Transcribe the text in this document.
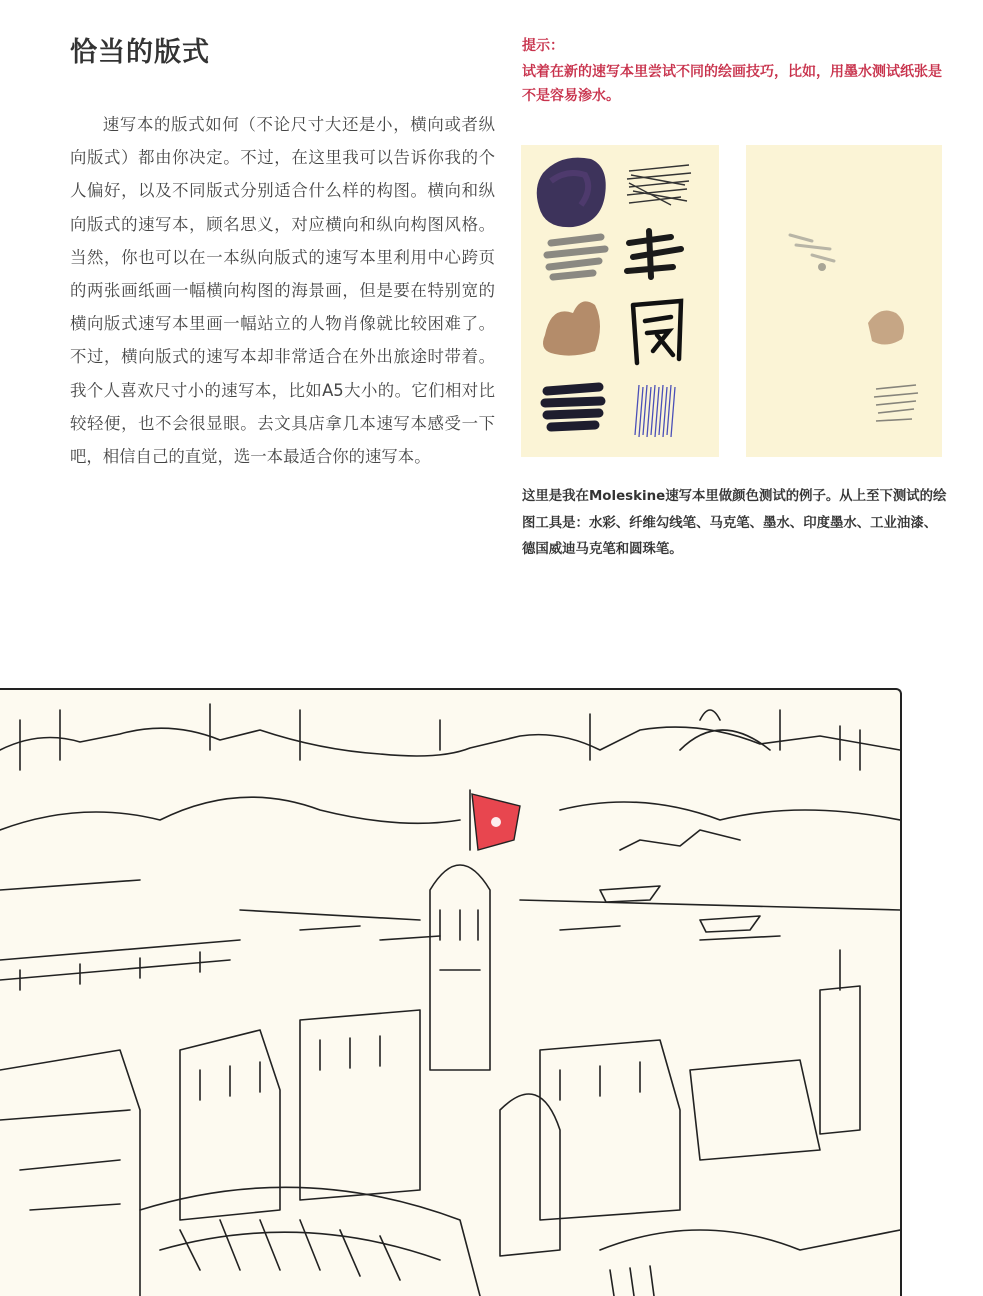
恰当的版式

速写本的版式如何（不论尺寸大还是小，横向或者纵向版式）都由你决定。不过，在这里我可以告诉你我的个人偏好，以及不同版式分别适合什么样的构图。横向和纵向版式的速写本，顾名思义，对应横向和纵向构图风格。当然，你也可以在一本纵向版式的速写本里利用中心跨页的两张画纸画一幅横向构图的海景画，但是要在特别宽的横向版式速写本里画一幅站立的人物肖像就比较困难了。不过，横向版式的速写本却非常适合在外出旅途时带着。我个人喜欢尺寸小的速写本，比如A5大小的。它们相对比较轻便，也不会很显眼。去文具店拿几本速写本感受一下吧，相信自己的直觉，选一本最适合你的速写本。

提示：
试着在新的速写本里尝试不同的绘画技巧，比如，用墨水测试纸张是不是容易渗水。
这里是我在Moleskine速写本里做颜色测试的例子。从上至下测试的绘图工具是：水彩、纤维勾线笔、马克笔、墨水、印度墨水、工业油漆、德国威迪马克笔和圆珠笔。
